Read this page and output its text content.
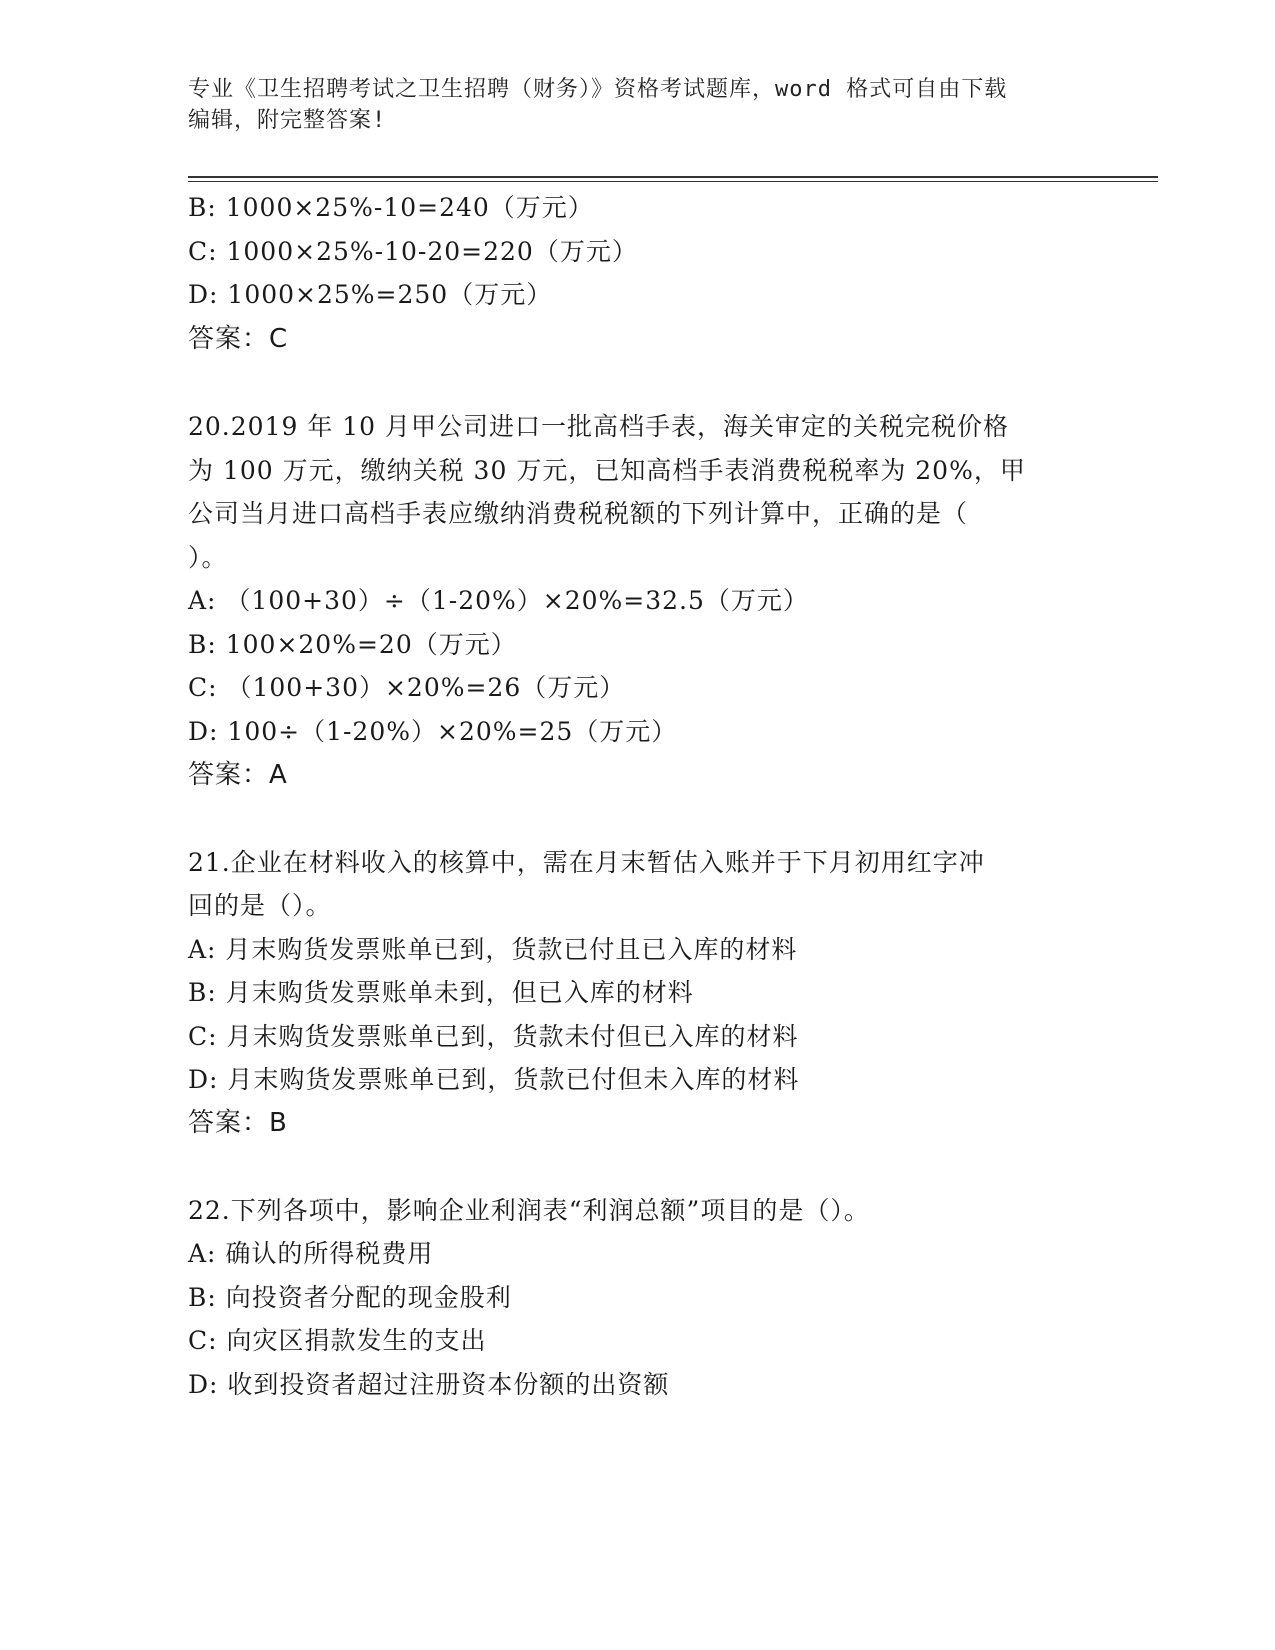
专业《卫生招聘考试之卫生招聘（财务）》资格考试题库，word 格式可自由下载
编辑，附完整答案!
B: 1000×25%-10=240（万元）
C: 1000×25%-10-20=220（万元）
D: 1000×25%=250（万元）
答案：C
20.2019 年 10 月甲公司进口一批高档手表，海关审定的关税完税价格
为 100 万元，缴纳关税 30 万元，已知高档手表消费税税率为 20%，甲
公司当月进口高档手表应缴纳消费税税额的下列计算中，正确的是（
）。
A: （100+30）÷（1-20%）×20%=32.5（万元）
B: 100×20%=20（万元）
C: （100+30）×20%=26（万元）
D: 100÷（1-20%）×20%=25（万元）
答案：A
21.企业在材料收入的核算中，需在月末暂估入账并于下月初用红字冲
回的是（）。
A: 月末购货发票账单已到，货款已付且已入库的材料
B: 月末购货发票账单未到，但已入库的材料
C: 月末购货发票账单已到，货款未付但已入库的材料
D: 月末购货发票账单已到，货款已付但未入库的材料
答案：B
22.下列各项中，影响企业利润表“利润总额”项目的是（）。
A: 确认的所得税费用
B: 向投资者分配的现金股利
C: 向灾区捐款发生的支出
D: 收到投资者超过注册资本份额的出资额
